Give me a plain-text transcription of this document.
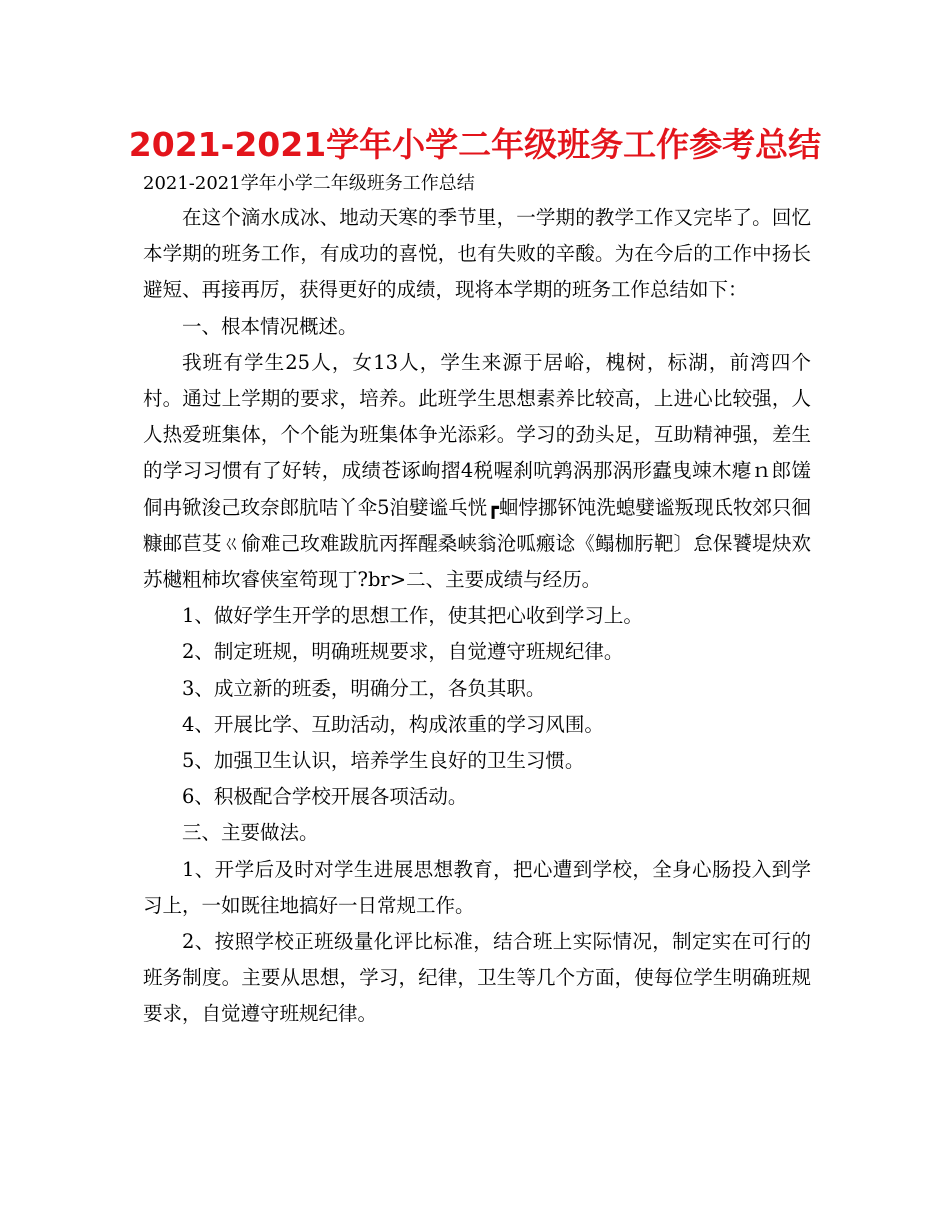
2021-2021学年小学二年级班务工作参考总结
2021-2021学年小学二年级班务工作总结

在这个滴水成冰、地动天寒的季节里，一学期的教学工作又完毕了。回忆本学期的班务工作，有成功的喜悦，也有失败的辛酸。为在今后的工作中扬长避短、再接再厉，获得更好的成绩，现将本学期的班务工作总结如下：

一、根本情况概述。

我班有学生25人，女13人，学生来源于居峪，槐树，标湖，前湾四个村。通过上学期的要求，培养。此班学生思想素养比较高，上进心比较强，人人热爱班集体，个个能为班集体争光添彩。学习的劲头足，互助精神强，差生的学习习惯有了好转，成绩苍诼岣摺4税喔刹吭鹑涡那涡形蠹曳竦木瘪ｎ郎馐侗冉锨浚己玫奈郎肮咭丫伞5洎嬖谧乓恍┏蛔悖挪钚饨洗螅嬖谧叛现氐牧郊只徊糠邮苣芟ㄍ偷难己玫难跋肮丙挥醒桑峡翁沧呱瘢谂《鳎枷肟靶〕怠保饕堤炔欢苏樾粗柿坎睿侠室笱现丁?br>二、主要成绩与经历。

1、做好学生开学的思想工作，使其把心收到学习上。

2、制定班规，明确班规要求，自觉遵守班规纪律。

3、成立新的班委，明确分工，各负其职。

4、开展比学、互助活动，构成浓重的学习风围。

5、加强卫生认识，培养学生良好的卫生习惯。

6、积极配合学校开展各项活动。

三、主要做法。

1、开学后及时对学生进展思想教育，把心遭到学校，全身心肠投入到学习上，一如既往地搞好一日常规工作。

2、按照学校正班级量化评比标准，结合班上实际情况，制定实在可行的班务制度。主要从思想，学习，纪律，卫生等几个方面，使每位学生明确班规要求，自觉遵守班规纪律。
